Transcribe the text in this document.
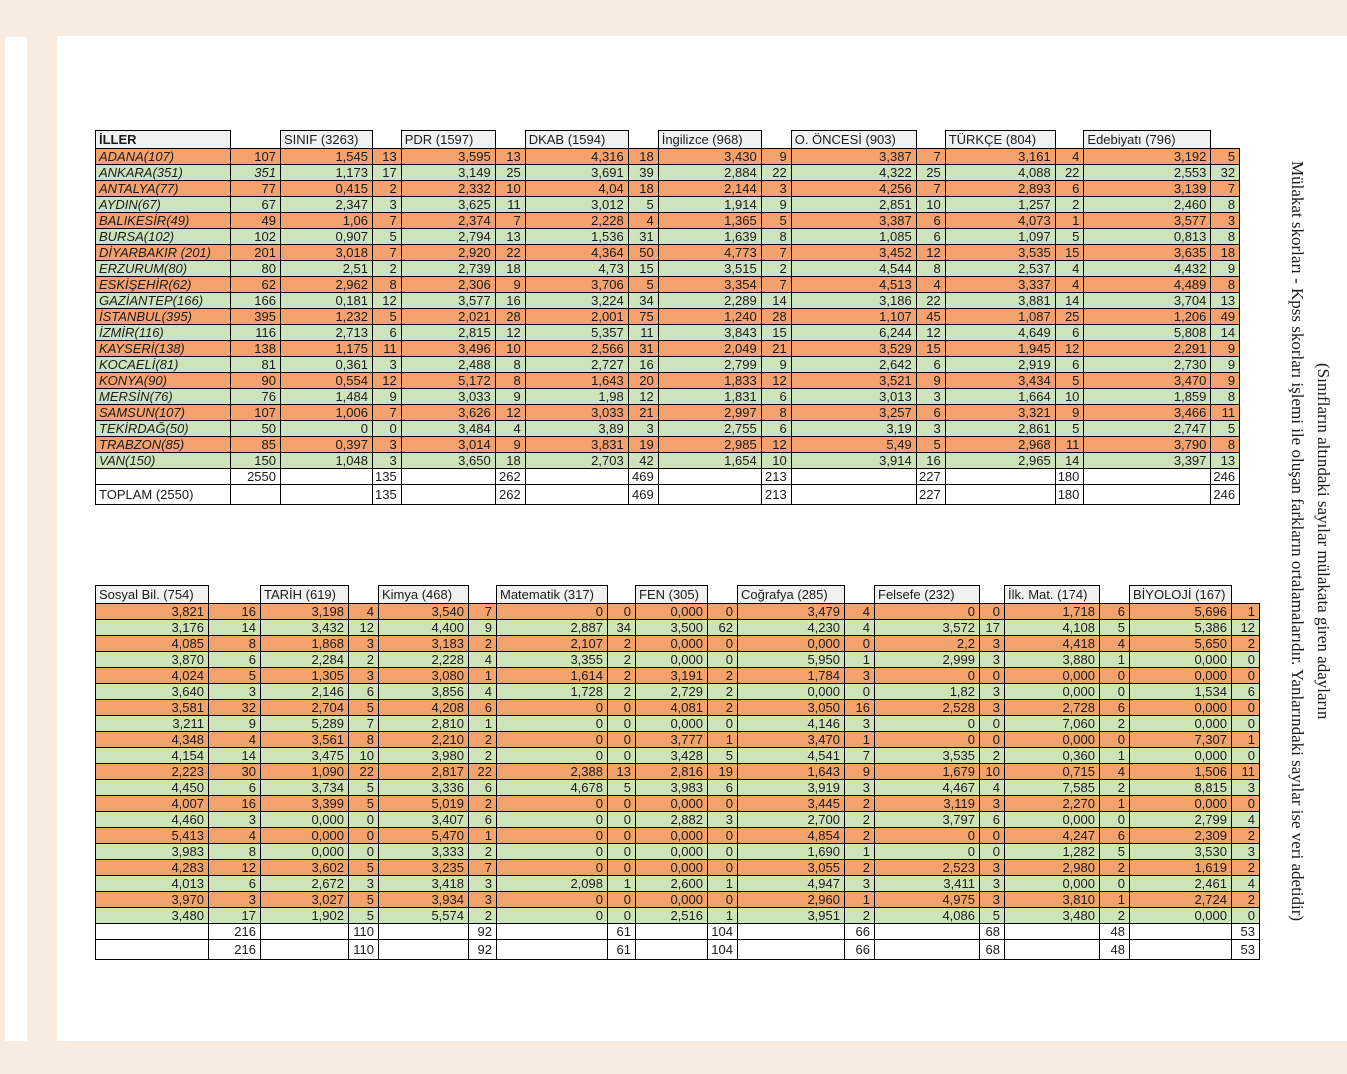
İLLER		SINIF (3263)		PDR (1597)		DKAB (1594)		İngilizce (968)		O. ÖNCESİ (903)		TÜRKÇE (804)		Edebiyatı (796)	
ADANA(107)	107	1,545	13	3,595	13	4,316	18	3,430	9	3,387	7	3,161	4	3,192	5
ANKARA(351)	351	1,173	17	3,149	25	3,691	39	2,884	22	4,322	25	4,088	22	2,553	32
ANTALYA(77)	77	0,415	2	2,332	10	4,04	18	2,144	3	4,256	7	2,893	6	3,139	7
AYDIN(67)	67	2,347	3	3,625	11	3,012	5	1,914	9	2,851	10	1,257	2	2,460	8
BALIKESİR(49)	49	1,06	7	2,374	7	2,228	4	1,365	5	3,387	6	4,073	1	3,577	3
BURSA(102)	102	0,907	5	2,794	13	1,536	31	1,639	8	1,085	6	1,097	5	0,813	8
DİYARBAKIR (201)	201	3,018	7	2,920	22	4,364	50	4,773	7	3,452	12	3,535	15	3,635	18
ERZURUM(80)	80	2,51	2	2,739	18	4,73	15	3,515	2	4,544	8	2,537	4	4,432	9
ESKİŞEHİR(62)	62	2,962	8	2,306	9	3,706	5	3,354	7	4,513	4	3,337	4	4,489	8
GAZİANTEP(166)	166	0,181	12	3,577	16	3,224	34	2,289	14	3,186	22	3,881	14	3,704	13
İSTANBUL(395)	395	1,232	5	2,021	28	2,001	75	1,240	28	1,107	45	1,087	25	1,206	49
İZMİR(116)	116	2,713	6	2,815	12	5,357	11	3,843	15	6,244	12	4,649	6	5,808	14
KAYSERİ(138)	138	1,175	11	3,496	10	2,566	31	2,049	21	3,529	15	1,945	12	2,291	9
KOCAELİ(81)	81	0,361	3	2,488	8	2,727	16	2,799	9	2,642	6	2,919	6	2,730	9
KONYA(90)	90	0,554	12	5,172	8	1,643	20	1,833	12	3,521	9	3,434	5	3,470	9
MERSİN(76)	76	1,484	9	3,033	9	1,98	12	1,831	6	3,013	3	1,664	10	1,859	8
SAMSUN(107)	107	1,006	7	3,626	12	3,033	21	2,997	8	3,257	6	3,321	9	3,466	11
TEKİRDAĞ(50)	50	0	0	3,484	4	3,89	3	2,755	6	3,19	3	2,861	5	2,747	5
TRABZON(85)	85	0,397	3	3,014	9	3,831	19	2,985	12	5,49	5	2,968	11	3,790	8
VAN(150)	150	1,048	3	3,650	18	2,703	42	1,654	10	3,914	16	2,965	14	3,397	13
	2550		135		262		469		213		227		180		246
TOPLAM (2550)			135		262		469		213		227		180		246
Sosyal Bil. (754)		TARİH (619)		Kimya (468)		Matematik (317)		FEN (305)		Coğrafya (285)		Felsefe (232)		İlk. Mat. (174)		BİYOLOJİ (167)	
3,821	16	3,198	4	3,540	7	0	0	0,000	0	3,479	4	0	0	1,718	6	5,696	1
3,176	14	3,432	12	4,400	9	2,887	34	3,500	62	4,230	4	3,572	17	4,108	5	5,386	12
4,085	8	1,868	3	3,183	2	2,107	2	0,000	0	0,000	0	2,2	3	4,418	4	5,650	2
3,870	6	2,284	2	2,228	4	3,355	2	0,000	0	5,950	1	2,999	3	3,880	1	0,000	0
4,024	5	1,305	3	3,080	1	1,614	2	3,191	2	1,784	3	0	0	0,000	0	0,000	0
3,640	3	2,146	6	3,856	4	1,728	2	2,729	2	0,000	0	1,82	3	0,000	0	1,534	6
3,581	32	2,704	5	4,208	6	0	0	4,081	2	3,050	16	2,528	3	2,728	6	0,000	0
3,211	9	5,289	7	2,810	1	0	0	0,000	0	4,146	3	0	0	7,060	2	0,000	0
4,348	4	3,561	8	2,210	2	0	0	3,777	1	3,470	1	0	0	0,000	0	7,307	1
4,154	14	3,475	10	3,980	2	0	0	3,428	5	4,541	7	3,535	2	0,360	1	0,000	0
2,223	30	1,090	22	2,817	22	2,388	13	2,816	19	1,643	9	1,679	10	0,715	4	1,506	11
4,450	6	3,734	5	3,336	6	4,678	5	3,983	6	3,919	3	4,467	4	7,585	2	8,815	3
4,007	16	3,399	5	5,019	2	0	0	0,000	0	3,445	2	3,119	3	2,270	1	0,000	0
4,460	3	0,000	0	3,407	6	0	0	2,882	3	2,700	2	3,797	6	0,000	0	2,799	4
5,413	4	0,000	0	5,470	1	0	0	0,000	0	4,854	2	0	0	4,247	6	2,309	2
3,983	8	0,000	0	3,333	2	0	0	0,000	0	1,690	1	0	0	1,282	5	3,530	3
4,283	12	3,602	5	3,235	7	0	0	0,000	0	3,055	2	2,523	3	2,980	2	1,619	2
4,013	6	2,672	3	3,418	3	2,098	1	2,600	1	4,947	3	3,411	3	0,000	0	2,461	4
3,970	3	3,027	5	3,934	3	0	0	0,000	0	2,960	1	4,975	3	3,810	1	2,724	2
3,480	17	1,902	5	5,574	2	0	0	2,516	1	3,951	2	4,086	5	3,480	2	0,000	0
	216		110		92		61		104		66		68		48		53
	216		110		92		61		104		66		68		48		53
(Sınıfların altındaki sayılar mülakata giren adayların
Mülakat skorları - Kpss skorları işlemi ile oluşan farkların ortalamalarıdır. Yanlarındaki sayılar ise veri adetidir)
